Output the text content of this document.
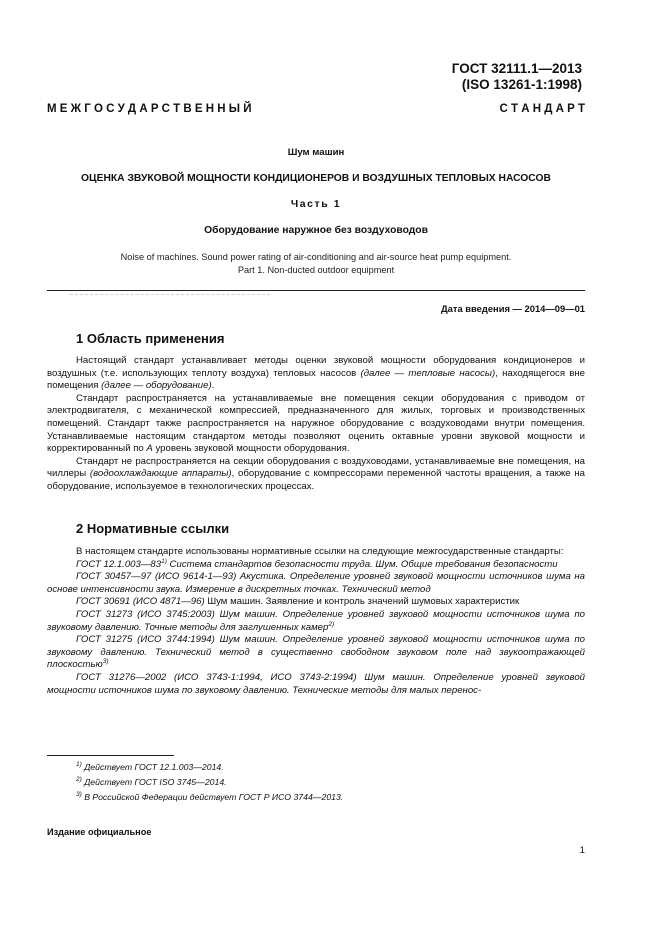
ГОСТ 32111.1—2013
(ISO 13261-1:1998)
М Е Ж Г О С У Д А Р С Т В Е Н Н Ы Й	С Т А Н Д А Р Т
Шум машин
ОЦЕНКА ЗВУКОВОЙ МОЩНОСТИ КОНДИЦИОНЕРОВ И ВОЗДУШНЫХ ТЕПЛОВЫХ НАСОСОВ
Часть 1
Оборудование наружное без воздуховодов
Noise of machines. Sound power rating of air-conditioning and air-source heat pump equipment.
Part 1. Non-ducted outdoor equipment
Дата введения — 2014—09—01
1 Область применения

Настоящий стандарт устанавливает методы оценки звуковой мощности оборудования кондиционеров и воздушных (т.е. использующих теплоту воздуха) тепловых насосов (далее — тепловые насосы), находящегося вне помещения (далее — оборудование).

Стандарт распространяется на устанавливаемые вне помещения секции оборудования с приводом от электродвигателя, с механической компрессией, предназначенного для жилых, торговых и производственных помещений. Стандарт также распространяется на наружное оборудование с воздуховодами внутри помещения. Устанавливаемые настоящим стандартом методы позволяют оценить октавные уровни звуковой мощности и корректированный по А уровень звуковой мощности оборудования.

Стандарт не распространяется на секции оборудования с воздуховодами, устанавливаемые вне помещения, на чиллеры (водоохлаждающие аппараты), оборудование с компрессорами переменной частоты вращения, а также на оборудование, используемое в технологических процессах.

2 Нормативные ссылки

В настоящем стандарте использованы нормативные ссылки на следующие межгосударственные стандарты:

ГОСТ 12.1.003—83$^{1)}$ Система стандартов безопасности труда. Шум. Общие требования безопасности

ГОСТ 30457—97 (ИСО 9614-1—93) Акустика. Определение уровней звуковой мощности источников шума на основе интенсивности звука. Измерение в дискретных точках. Технический метод

ГОСТ 30691 (ИСО 4871—96) Шум машин. Заявление и контроль значений шумовых характеристик

ГОСТ 31273 (ИСО 3745:2003) Шум машин. Определение уровней звуковой мощности источников шума по звуковому давлению. Точные методы для заглушенных камер$^{2)}$

ГОСТ 31275 (ИСО 3744:1994) Шум машин. Определение уровней звуковой мощности источников шума по звуковому давлению. Технический метод в существенно свободном звуковом поле над звукоотражающей плоскостью$^{3)}$

ГОСТ 31276—2002 (ИСО 3743-1:1994, ИСО 3743-2:1994) Шум машин. Определение уровней звуковой мощности источников шума по звуковому давлению. Технические методы для малых перенос-

$^{1)}$ Действует ГОСТ 12.1.003—2014.
$^{2)}$ Действует ГОСТ ISO 3745—2014.
$^{3)}$ В Российской Федерации действует ГОСТ Р ИСО 3744—2013.
Издание официальное
1
